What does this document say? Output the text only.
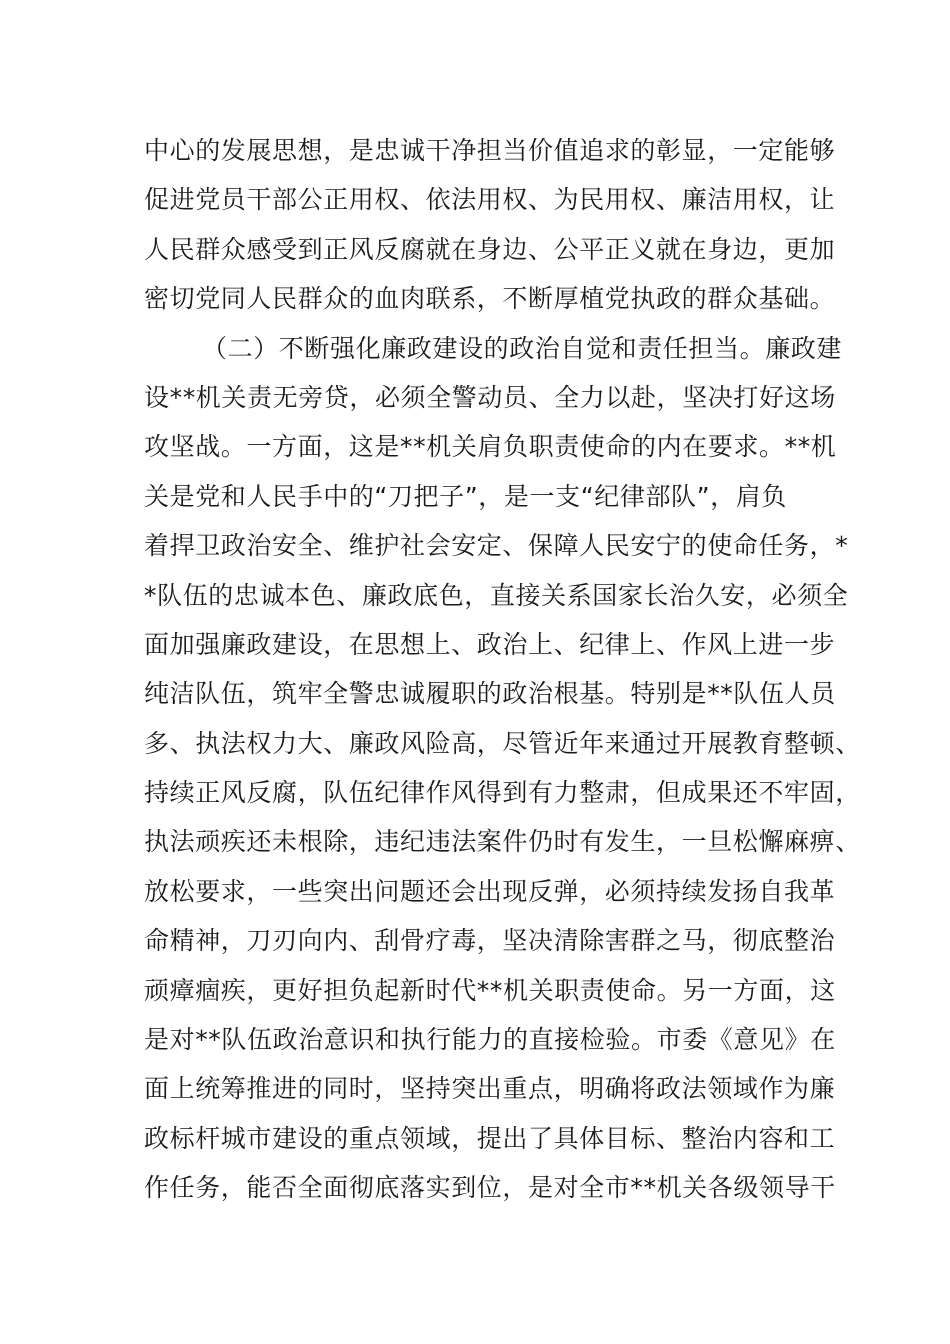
中心的发展思想，是忠诚干净担当价值追求的彰显，一定能够
促进党员干部公正用权、依法用权、为民用权、廉洁用权，让
人民群众感受到正风反腐就在身边、公平正义就在身边，更加
密切党同人民群众的血肉联系，不断厚植党执政的群众基础。
（二）不断强化廉政建设的政治自觉和责任担当。廉政建
设**机关责无旁贷，必须全警动员、全力以赴，坚决打好这场
攻坚战。一方面，这是**机关肩负职责使命的内在要求。**机
关是党和人民手中的“刀把子”，是一支“纪律部队”，肩负
着捍卫政治安全、维护社会安定、保障人民安宁的使命任务，*
*队伍的忠诚本色、廉政底色，直接关系国家长治久安，必须全
面加强廉政建设，在思想上、政治上、纪律上、作风上进一步
纯洁队伍，筑牢全警忠诚履职的政治根基。特别是**队伍人员
多、执法权力大、廉政风险高，尽管近年来通过开展教育整顿、
持续正风反腐，队伍纪律作风得到有力整肃，但成果还不牢固，
执法顽疾还未根除，违纪违法案件仍时有发生，一旦松懈麻痹、
放松要求，一些突出问题还会出现反弹，必须持续发扬自我革
命精神，刀刃向内、刮骨疗毒，坚决清除害群之马，彻底整治
顽瘴痼疾，更好担负起新时代**机关职责使命。另一方面，这
是对**队伍政治意识和执行能力的直接检验。市委《意见》在
面上统筹推进的同时，坚持突出重点，明确将政法领域作为廉
政标杆城市建设的重点领域，提出了具体目标、整治内容和工
作任务，能否全面彻底落实到位，是对全市**机关各级领导干
